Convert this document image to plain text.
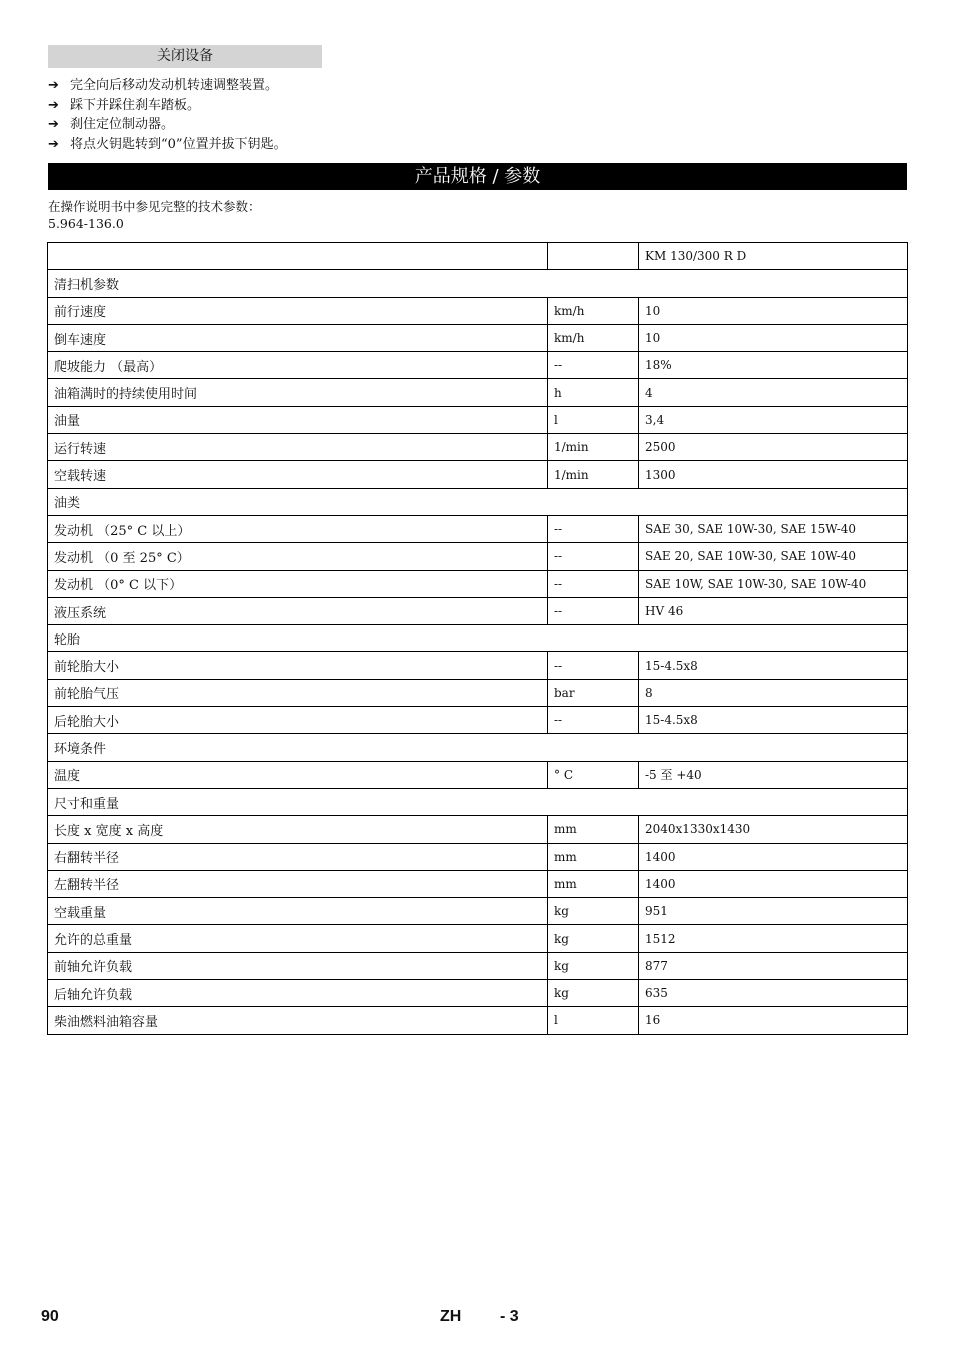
关闭设备
➔ 完全向后移动发动机转速调整装置。
➔ 踩下并踩住刹车踏板。
➔ 刹住定位制动器。
➔ 将点火钥匙转到“0”位置并拔下钥匙。
产品规格 / 参数
在操作说明书中参见完整的技术参数：
5.964-136.0
		KM 130/300 R D
清扫机参数		
前行速度	km/h	10
倒车速度	km/h	10
爬坡能力 （最高）	--	18%
油箱满时的持续使用时间	h	4
油量	l	3,4
运行转速	1/min	2500
空载转速	1/min	1300
油类		
发动机 （25° C 以上）	--	SAE 30, SAE 10W-30, SAE 15W-40
发动机 （0 至 25° C）	--	SAE 20, SAE 10W-30, SAE 10W-40
发动机 （0° C 以下）	--	SAE 10W, SAE 10W-30, SAE 10W-40
液压系统	--	HV 46
轮胎		
前轮胎大小	--	15-4.5x8
前轮胎气压	bar	8
后轮胎大小	--	15-4.5x8
环境条件		
温度	° C	-5 至 +40
尺寸和重量		
长度 x 宽度 x 高度	mm	2040x1330x1430
右翻转半径	mm	1400
左翻转半径	mm	1400
空载重量	kg	951
允许的总重量	kg	1512
前轴允许负载	kg	877
后轴允许负载	kg	635
柴油燃料油箱容量	l	16
90	ZH - 3
